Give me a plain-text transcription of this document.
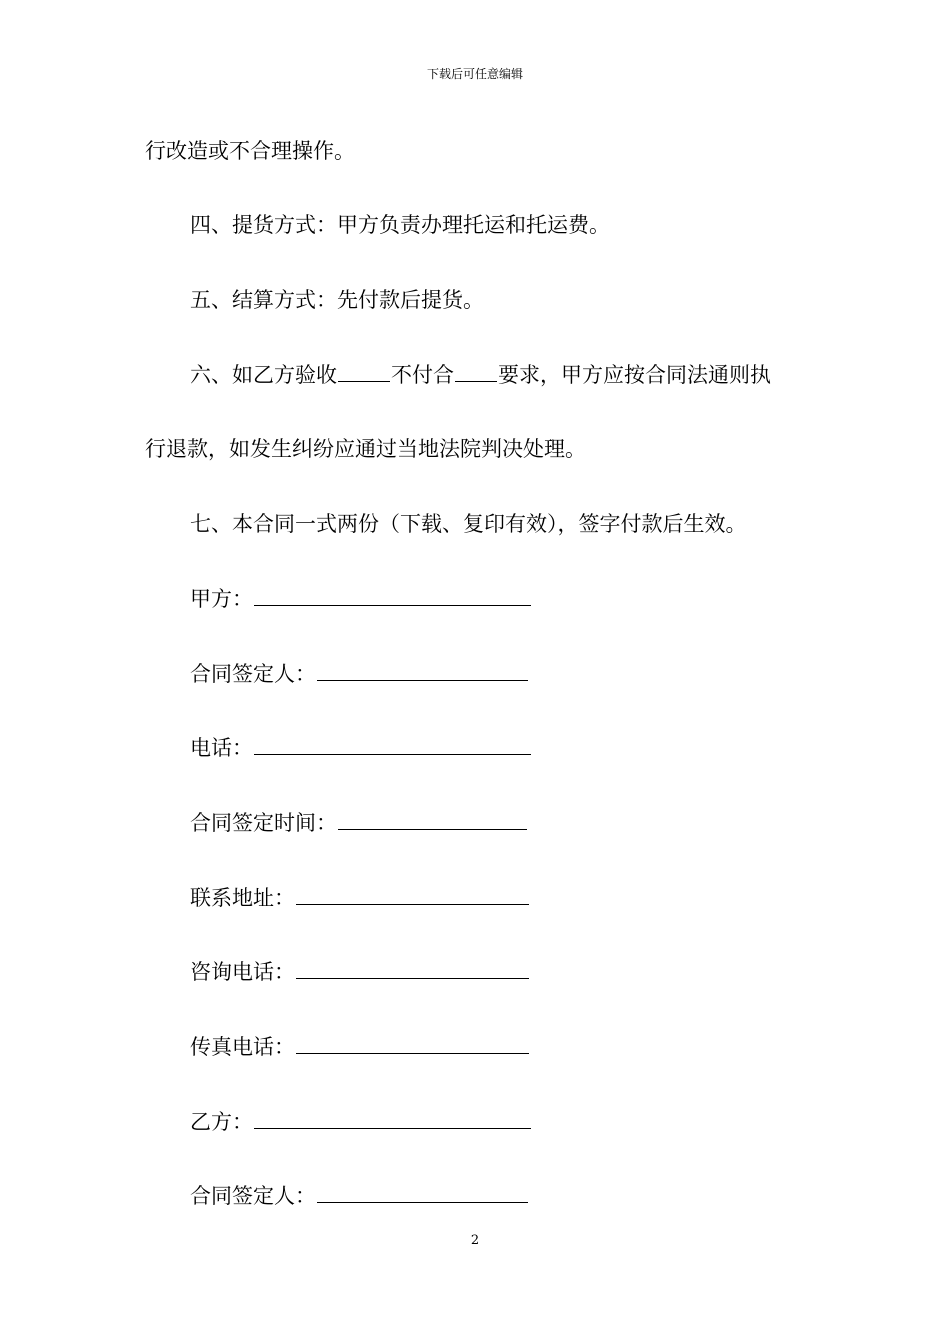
下载后可任意编辑
行改造或不合理操作。
四、提货方式：甲方负责办理托运和托运费。
五、结算方式：先付款后提货。
六、如乙方验收	不付合 要求，甲方应按合同法通则执
行退款，如发生纠纷应通过当地法院判决处理。
七、本合同一式两份（下载、复印有效），签字付款后生效。
甲方：
合同签定人：
电话：
合同签定时间：
联系地址：
咨询电话：
传真电话：
乙方：
合同签定人：
2
